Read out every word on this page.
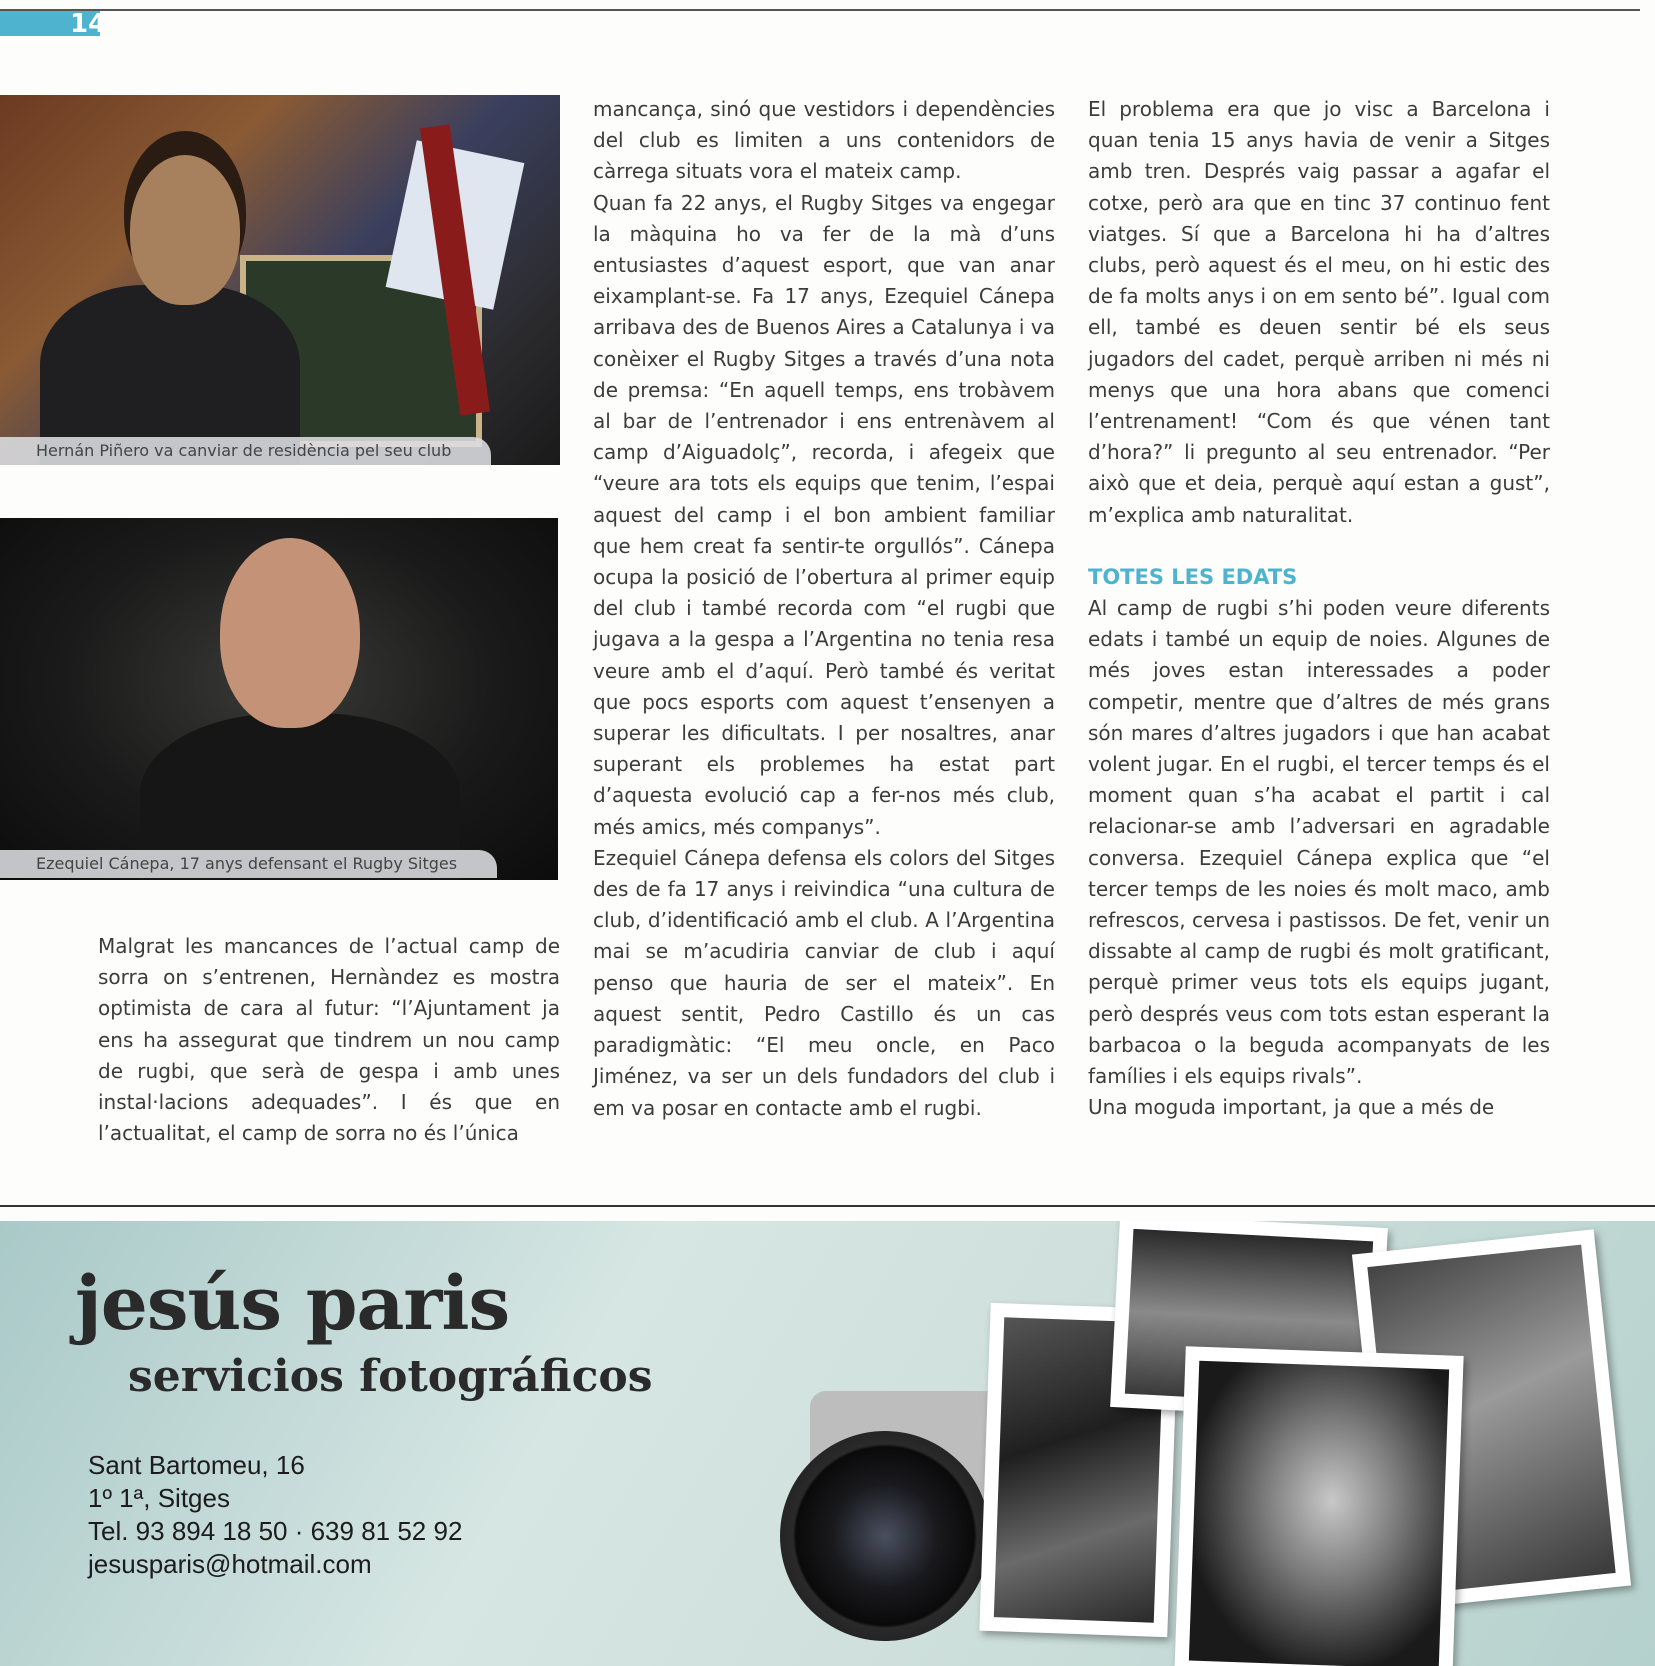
14
Hernán Piñero va canviar de residència pel seu club
Ezequiel Cánepa, 17 anys defensant el Rugby Sitges

Malgrat les mancances de l’actual camp de sorra on s’entrenen, Hernàndez es mostra optimista de cara al futur: “l’Ajuntament ja ens ha assegurat que tindrem un nou camp de rugbi, que serà de gespa i amb unes instal·lacions adequades”. I és que en l’actualitat, el camp de sorra no és l’única

mancança, sinó que vestidors i dependències del club es limiten a uns contenidors de càrrega situats vora el mateix camp.

Quan fa 22 anys, el Rugby Sitges va engegar la màquina ho va fer de la mà d’uns entusiastes d’aquest esport, que van anar eixamplant-se. Fa 17 anys, Ezequiel Cánepa arribava des de Buenos Aires a Catalunya i va conèixer el Rugby Sitges a través d’una nota de premsa: “En aquell temps, ens trobàvem al bar de l’entrenador i ens entrenàvem al camp d’Aiguadolç”, recorda, i afegeix que “veure ara tots els equips que tenim, l’espai aquest del camp i el bon ambient familiar que hem creat fa sentir-te orgullós”. Cánepa ocupa la posició de l’obertura al primer equip del club i també recorda com “el rugbi que jugava a la gespa a l’Argentina no tenia resa veure amb el d’aquí. Però també és veritat que pocs esports com aquest t’ensenyen a superar les dificultats. I per nosaltres, anar superant els problemes ha estat part d’aquesta evolució cap a fer-nos més club, més amics, més companys”.

Ezequiel Cánepa defensa els colors del Sitges des de fa 17 anys i reivindica “una cultura de club, d’identificació amb el club. A l’Argentina mai se m’acudiria canviar de club i aquí penso que hauria de ser el mateix”. En aquest sentit, Pedro Castillo és un cas paradigmàtic: “El meu oncle, en Paco Jiménez, va ser un dels fundadors del club i em va posar en contacte amb el rugbi.

El problema era que jo visc a Barcelona i quan tenia 15 anys havia de venir a Sitges amb tren. Després vaig passar a agafar el cotxe, però ara que en tinc 37 continuo fent viatges. Sí que a Barcelona hi ha d’altres clubs, però aquest és el meu, on hi estic des de fa molts anys i on em sento bé”. Igual com ell, també es deuen sentir bé els seus jugadors del cadet, perquè arriben ni més ni menys que una hora abans que comenci l’entrenament! “Com és que vénen tant d’hora?” li pregunto al seu entrenador. “Per això que et deia, perquè aquí estan a gust”, m’explica amb naturalitat.

TOTES LES EDATS

Al camp de rugbi s’hi poden veure diferents edats i també un equip de noies. Algunes de més joves estan interessades a poder competir, mentre que d’altres de més grans són mares d’altres jugadors i que han acabat volent jugar. En el rugbi, el tercer temps és el moment quan s’ha acabat el partit i cal relacionar-se amb l’adversari en agradable conversa. Ezequiel Cánepa explica que “el tercer temps de les noies és molt maco, amb refrescos, cervesa i pastissos. De fet, venir un dissabte al camp de rugbi és molt gratificant, perquè primer veus tots els equips jugant, però després veus com tots estan esperant la barbacoa o la beguda acompanyats de les famílies i els equips rivals”.

Una moguda important, ja que a més de

jesús paris
servicios fotográficos
Sant Bartomeu, 16
1º 1ª, Sitges
Tel. 93 894 18 50 · 639 81 52 92
jesusparis@hotmail.com
